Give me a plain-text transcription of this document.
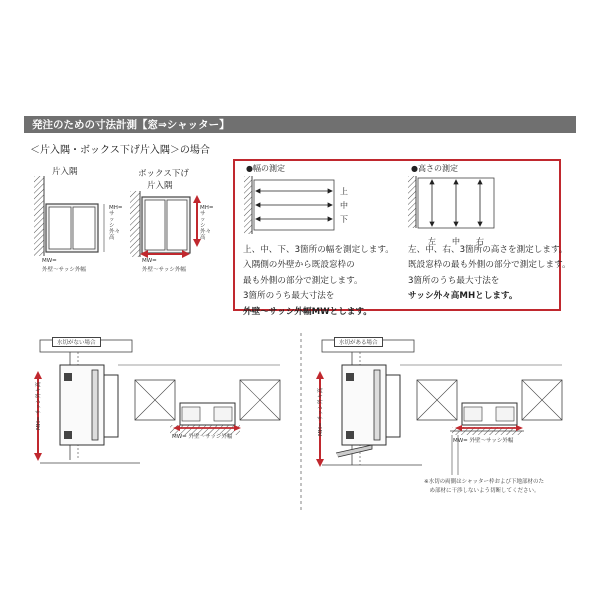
発注のための寸法計測【窓⇒シャッター】
＜片入隅・ボックス下げ片入隅＞の場合
片入隅
MH=
サッシ外々高
MW=
外壁〜サッシ外幅
ボックス下げ
片入隅
MH=
サッシ外々高
MW=
外壁〜サッシ外幅
●幅の測定
上
中
下
上、中、下、3箇所の幅を測定します。
入隅側の外壁から既設窓枠の
最も外側の部分で測定します。
3箇所のうち最大寸法を
外壁〜サッシ外幅MWとします。
●高さの測定
左 中 右
左、中、右、3箇所の高さを測定します。
既設窓枠の最も外側の部分で測定します。
3箇所のうち最大寸法を
サッシ外々高MHとします。
水切がない場合
MH= サッシ外々高
MW= 外壁〜サッシ外幅
水切がある場合
MH= サッシ外々高
MW= 外壁〜サッシ外幅
※水切の両側はシャッター枠および下地部材のた
　め部材に干渉しないよう切断してください。
